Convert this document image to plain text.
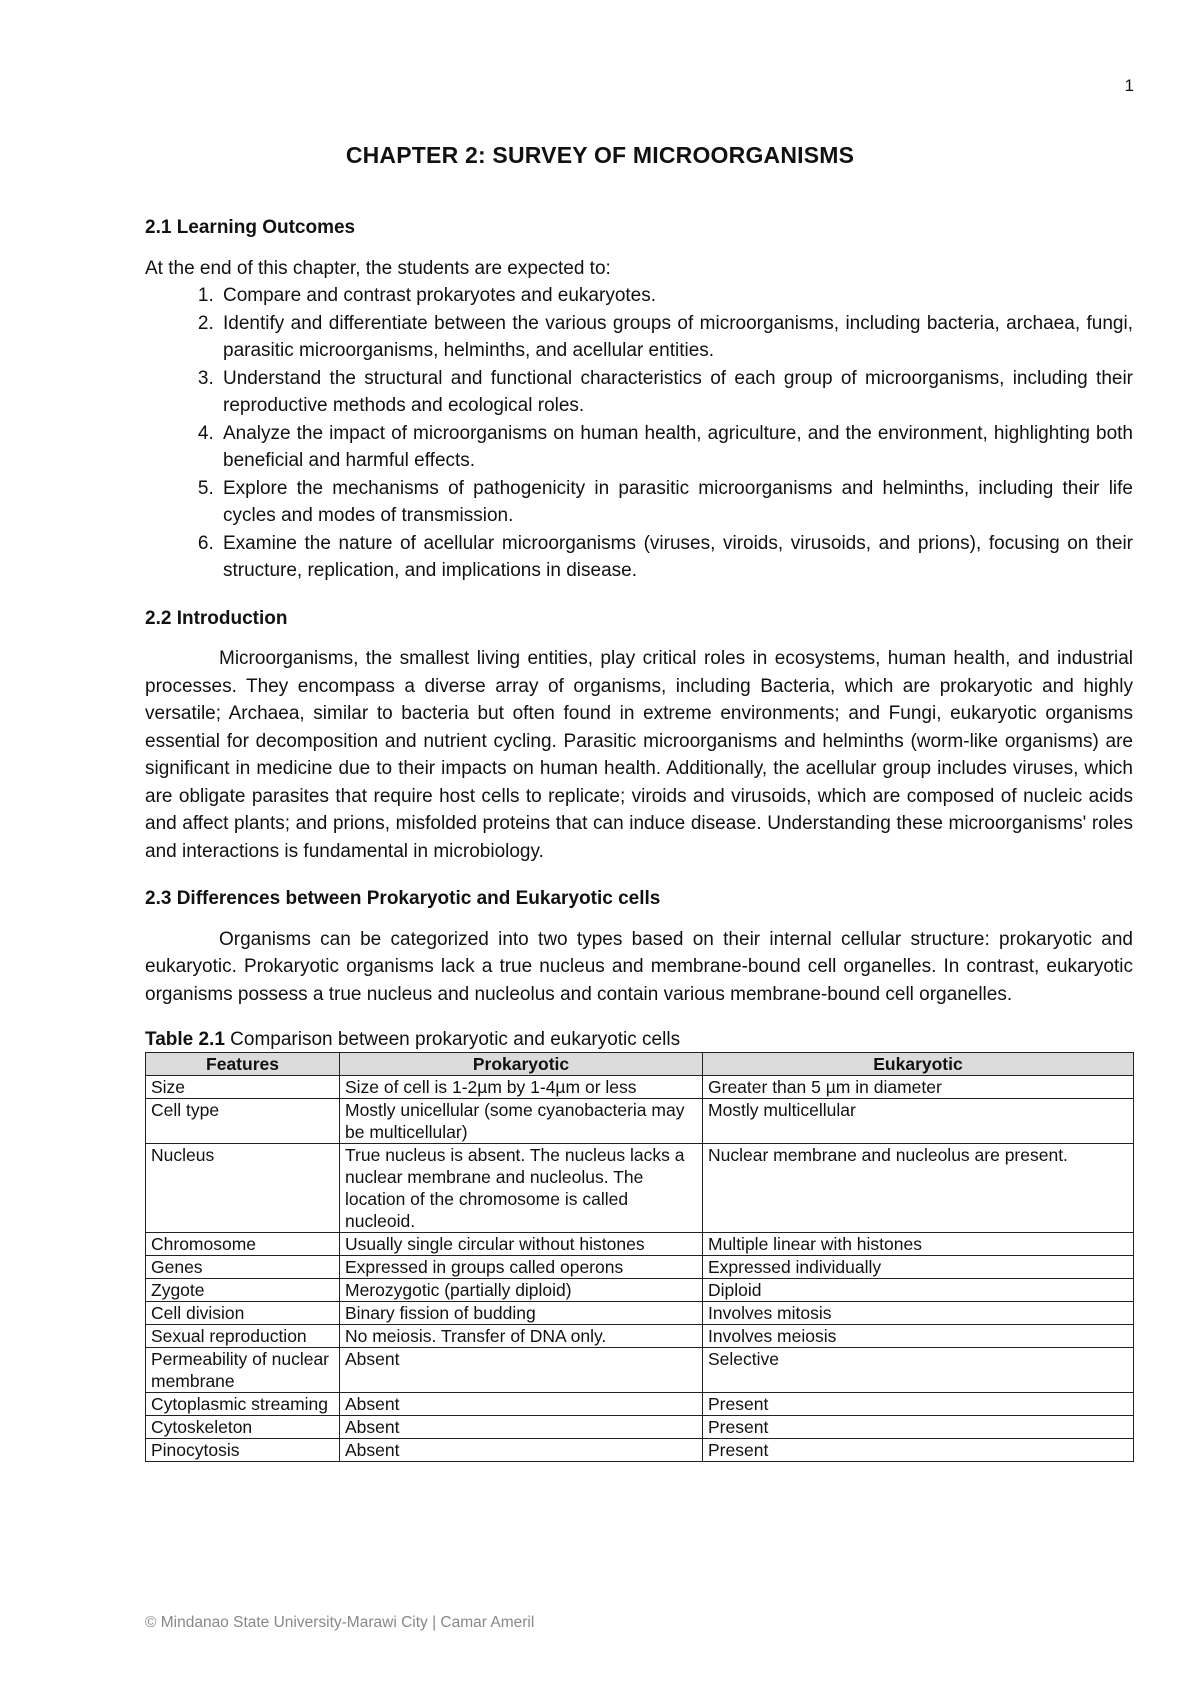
1
CHAPTER 2: SURVEY OF MICROORGANISMS

2.1 Learning Outcomes

At the end of this chapter, the students are expected to:

1. Compare and contrast prokaryotes and eukaryotes.
2. Identify and differentiate between the various groups of microorganisms, including bacteria, archaea, fungi, parasitic microorganisms, helminths, and acellular entities.
3. Understand the structural and functional characteristics of each group of microorganisms, including their reproductive methods and ecological roles.
4. Analyze the impact of microorganisms on human health, agriculture, and the environment, highlighting both beneficial and harmful effects.
5. Explore the mechanisms of pathogenicity in parasitic microorganisms and helminths, including their life cycles and modes of transmission.
6. Examine the nature of acellular microorganisms (viruses, viroids, virusoids, and prions), focusing on their structure, replication, and implications in disease.

2.2 Introduction

Microorganisms, the smallest living entities, play critical roles in ecosystems, human health, and industrial processes. They encompass a diverse array of organisms, including Bacteria, which are prokaryotic and highly versatile; Archaea, similar to bacteria but often found in extreme environments; and Fungi, eukaryotic organisms essential for decomposition and nutrient cycling. Parasitic microorganisms and helminths (worm-like organisms) are significant in medicine due to their impacts on human health. Additionally, the acellular group includes viruses, which are obligate parasites that require host cells to replicate; viroids and virusoids, which are composed of nucleic acids and affect plants; and prions, misfolded proteins that can induce disease. Understanding these microorganisms' roles and interactions is fundamental in microbiology.

2.3 Differences between Prokaryotic and Eukaryotic cells

Organisms can be categorized into two types based on their internal cellular structure: prokaryotic and eukaryotic. Prokaryotic organisms lack a true nucleus and membrane-bound cell organelles. In contrast, eukaryotic organisms possess a true nucleus and nucleolus and contain various membrane-bound cell organelles.

Table 2.1 Comparison between prokaryotic and eukaryotic cells

Features	Prokaryotic	Eukaryotic
Size	Size of cell is 1-2µm by 1-4µm or less	Greater than 5 µm in diameter
Cell type	Mostly unicellular (some cyanobacteria may be multicellular)	Mostly multicellular
Nucleus	True nucleus is absent. The nucleus lacks a nuclear membrane and nucleolus. The location of the chromosome is called nucleoid.	Nuclear membrane and nucleolus are present.
Chromosome	Usually single circular without histones	Multiple linear with histones
Genes	Expressed in groups called operons	Expressed individually
Zygote	Merozygotic (partially diploid)	Diploid
Cell division	Binary fission of budding	Involves mitosis
Sexual reproduction	No meiosis. Transfer of DNA only.	Involves meiosis
Permeability of nuclear membrane	Absent	Selective
Cytoplasmic streaming	Absent	Present
Cytoskeleton	Absent	Present
Pinocytosis	Absent	Present
© Mindanao State University-Marawi City | Camar Ameril
